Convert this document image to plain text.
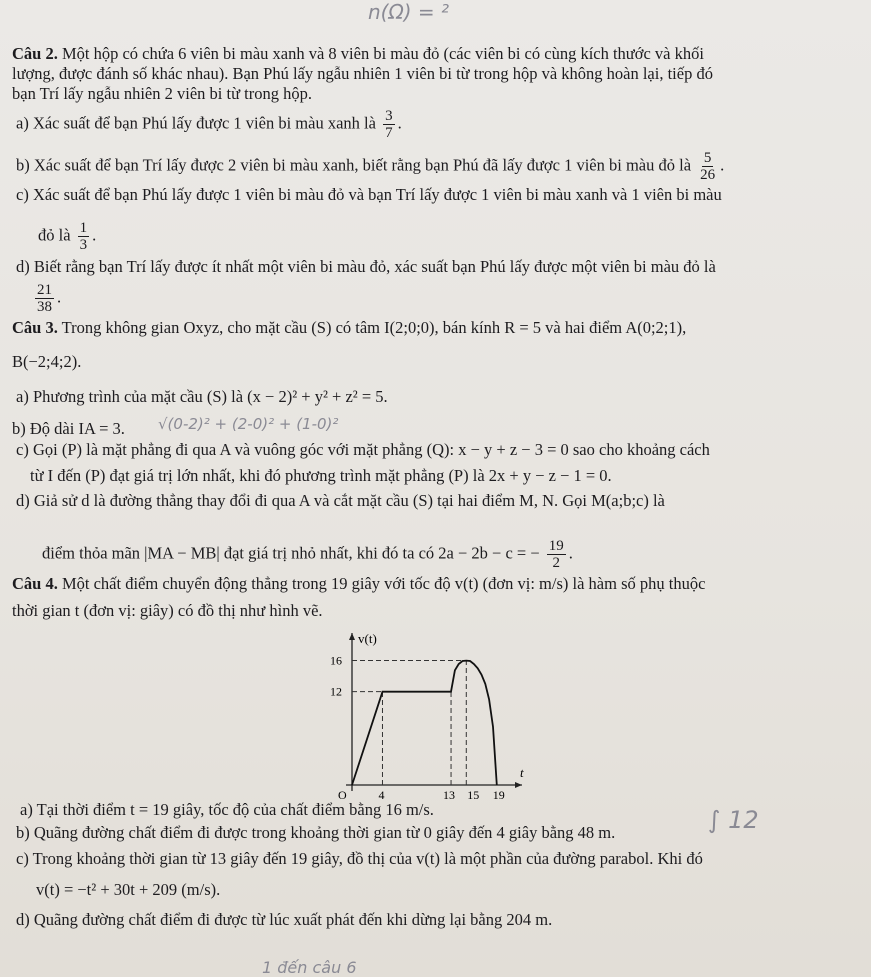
n(Ω) = ²
Câu 2. Một hộp có chứa 6 viên bi màu xanh và 8 viên bi màu đỏ (các viên bi có cùng kích thước và khối
lượng, được đánh số khác nhau). Bạn Phú lấy ngẫu nhiên 1 viên bi từ trong hộp và không hoàn lại, tiếp đó
bạn Trí lấy ngẫu nhiên 2 viên bi từ trong hộp.
a) Xác suất để bạn Phú lấy được 1 viên bi màu xanh là $\frac{3}{7}$ .
b) Xác suất để bạn Trí lấy được 2 viên bi màu xanh, biết rằng bạn Phú đã lấy được 1 viên bi màu đỏ là $\frac{5}{26}$ .
c) Xác suất để bạn Phú lấy được 1 viên bi màu đỏ và bạn Trí lấy được 1 viên bi màu xanh và 1 viên bi màu
đỏ là $\frac{1}{3}$ .
d) Biết rằng bạn Trí lấy được ít nhất một viên bi màu đỏ, xác suất bạn Phú lấy được một viên bi màu đỏ là
$\frac{21}{38}$ .
Câu 3. Trong không gian Oxyz, cho mặt cầu (S) có tâm I(2;0;0), bán kính R = 5 và hai điểm A(0;2;1),
B(−2;4;2).
a) Phương trình của mặt cầu (S) là (x − 2)² + y² + z² = 5.
b) Độ dài IA = 3. √(0-2)² + (2-0)² + (1-0)²
c) Gọi (P) là mặt phẳng đi qua A và vuông góc với mặt phẳng (Q): x − y + z − 3 = 0 sao cho khoảng cách
từ I đến (P) đạt giá trị lớn nhất, khi đó phương trình mặt phẳng (P) là 2x + y − z − 1 = 0.
d) Giả sử d là đường thẳng thay đổi đi qua A và cắt mặt cầu (S) tại hai điểm M, N. Gọi M(a;b;c) là
điểm thỏa mãn |MA − MB| đạt giá trị nhỏ nhất, khi đó ta có 2a − 2b − c = − $\frac{19}{2}$ .
Câu 4. Một chất điểm chuyển động thẳng trong 19 giây với tốc độ v(t) (đơn vị: m/s) là hàm số phụ thuộc
thời gian t (đơn vị: giây) có đồ thị như hình vẽ.
t
v(t)
O
12
16
4	13 15 19
a) Tại thời điểm t = 19 giây, tốc độ của chất điểm bằng 16 m/s.	∫ 12
b) Quãng đường chất điểm đi được trong khoảng thời gian từ 0 giây đến 4 giây bằng 48 m.
c) Trong khoảng thời gian từ 13 giây đến 19 giây, đồ thị của v(t) là một phần của đường parabol. Khi đó
v(t) = −t² + 30t + 209 (m/s).
d) Quãng đường chất điểm đi được từ lúc xuất phát đến khi dừng lại bằng 204 m.
1 đến câu 6
